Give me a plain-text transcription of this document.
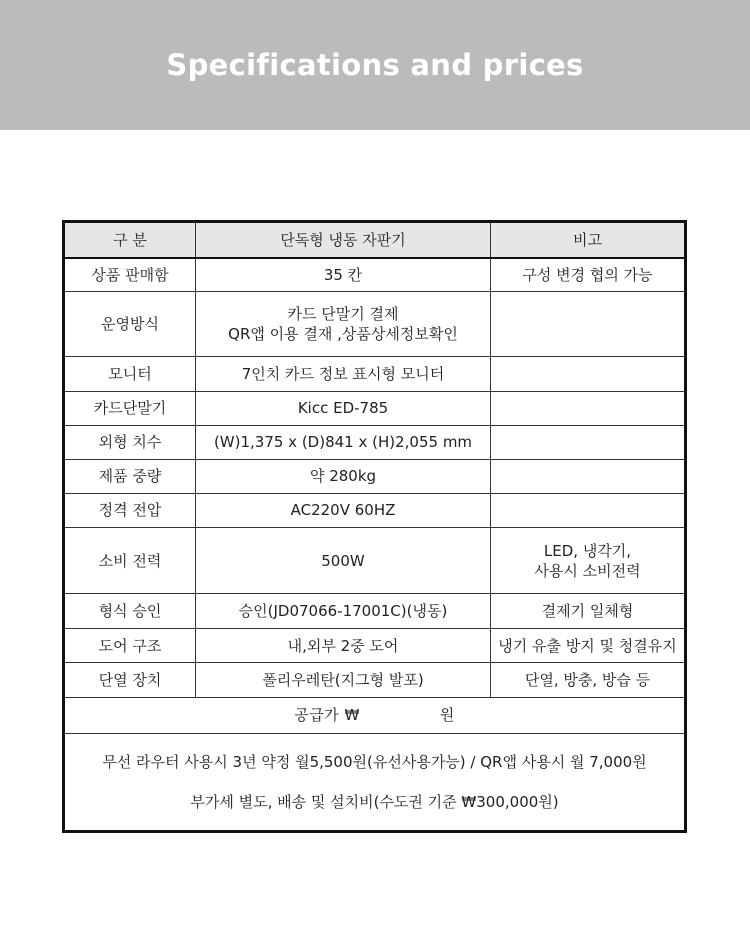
Specifications and prices
구 분	단독형 냉동 자판기	비고
상품 판매함	35 칸	구성 변경 협의 가능
운영방식	카드 단말기 결제
QR앱 이용 결재 ,상품상세정보확인	
모니터	7인치 카드 정보 표시형 모니터	
카드단말기	Kicc ED-785	
외형 치수	(W)1,375 x (D)841 x (H)2,055 mm	
제품 중량	약 280kg	
정격 전압	AC220V 60HZ	
소비 전력	500W	LED, 냉각기,
사용시 소비전력
형식 승인	승인(JD07066-17001C)(냉동)	결제기 일체형
도어 구조	내,외부 2중 도어	냉기 유출 방지 및 청결유지
단열 장치	폴리우레탄(지그형 발포)	단열, 방충, 방습 등
공급가 ₩ 원		

무선 라우터 사용시 3년 약정 월5,500원(유선사용가능) / QR앱 사용시 월 7,000원
부가세 별도, 배송 및 설치비(수도권 기준 ₩300,000원)		
